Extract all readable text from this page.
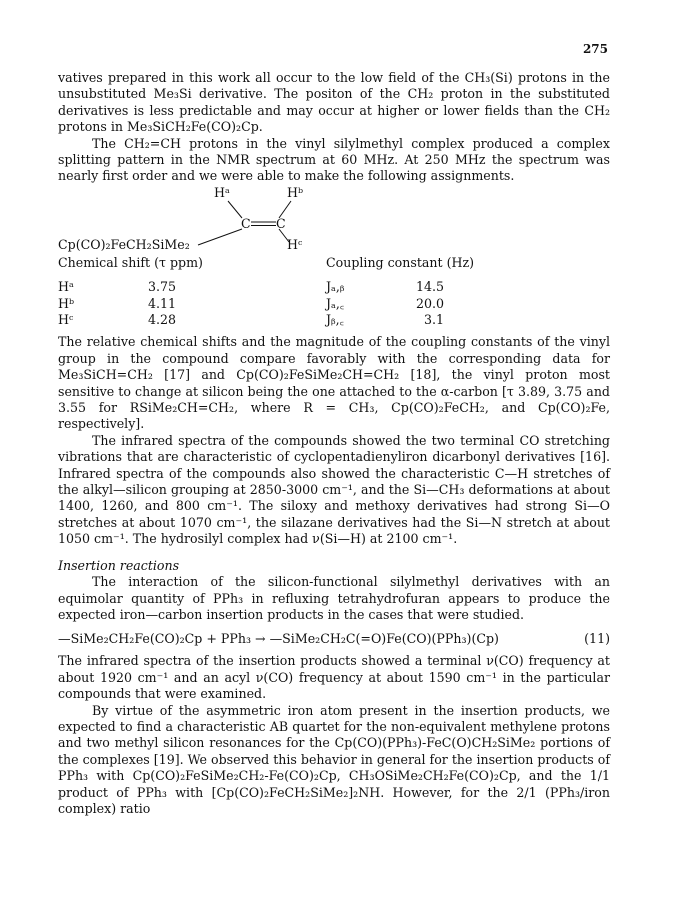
275

vatives prepared in this work all occur to the low field of the CH₃(Si) protons in the unsubstituted Me₃Si derivative. The positon of the CH₂ proton in the substituted derivatives is less predictable and may occur at higher or lower fields than the CH₂ protons in Me₃SiCH₂Fe(CO)₂Cp.

The CH₂=CH protons in the vinyl silylmethyl complex produced a complex splitting pattern in the NMR spectrum at 60 MHz. At 250 MHz the spectrum was nearly first order and we were able to make the following assignments.

Hᵃ	Hᵇ
C C
Cp(CO)₂FeCH₂SiMe₂	Hᶜ
Chemical shift (τ ppm)	Coupling constant (Hz)
Hᵃ	3.75	Jₐ,ᵦ	14.5
Hᵇ	4.11	Jₐ,꜀	20.0
Hᶜ	4.28	Jᵦ,꜀	3.1

The relative chemical shifts and the magnitude of the coupling constants of the vinyl group in the compound compare favorably with the corresponding data for Me₃SiCH=CH₂ [17] and Cp(CO)₂FeSiMe₂CH=CH₂ [18], the vinyl proton most sensitive to change at silicon being the one attached to the α-carbon [τ 3.89, 3.75 and 3.55 for RSiMe₂CH=CH₂, where R = CH₃, Cp(CO)₂FeCH₂, and Cp(CO)₂Fe, respectively].

The infrared spectra of the compounds showed the two terminal CO stretching vibrations that are characteristic of cyclopentadienyliron dicarbonyl derivatives [16]. Infrared spectra of the compounds also showed the characteristic C—H stretches of the alkyl—silicon grouping at 2850-3000 cm⁻¹, and the Si—CH₃ deformations at about 1400, 1260, and 800 cm⁻¹. The siloxy and methoxy derivatives had strong Si—O stretches at about 1070 cm⁻¹, the silazane derivatives had the Si—N stretch at about 1050 cm⁻¹. The hydrosilyl complex had ν(Si—H) at 2100 cm⁻¹.

Insertion reactions

The interaction of the silicon-functional silylmethyl derivatives with an equimolar quantity of PPh₃ in refluxing tetrahydrofuran appears to produce the expected iron—carbon insertion products in the cases that were studied.

—SiMe₂CH₂Fe(CO)₂Cp + PPh₃ → —SiMe₂CH₂C(=O)Fe(CO)(PPh₃)(Cp)	(11)

The infrared spectra of the insertion products showed a terminal ν(CO) frequency at about 1920 cm⁻¹ and an acyl ν(CO) frequency at about 1590 cm⁻¹ in the particular compounds that were examined.

By virtue of the asymmetric iron atom present in the insertion products, we expected to find a characteristic AB quartet for the non-equivalent methylene protons and two methyl silicon resonances for the Cp(CO)(PPh₃)-FeC(O)CH₂SiMe₂ portions of the complexes [19]. We observed this behavior in general for the insertion products of PPh₃ with Cp(CO)₂FeSiMe₂CH₂-Fe(CO)₂Cp, CH₃OSiMe₂CH₂Fe(CO)₂Cp, and the 1/1 product of PPh₃ with [Cp(CO)₂FeCH₂SiMe₂]₂NH. However, for the 2/1 (PPh₃/iron complex) ratio
